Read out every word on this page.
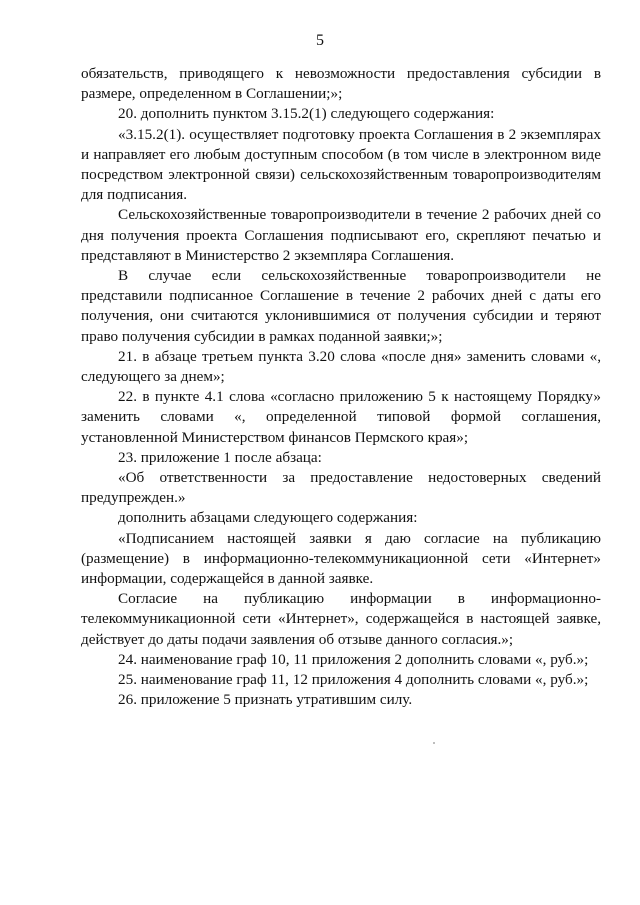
5

обязательств, приводящего к невозможности предоставления субсидии в размере, определенном в Соглашении;»;

20. дополнить пунктом 3.15.2(1) следующего содержания:

«3.15.2(1). осуществляет подготовку проекта Соглашения в 2 экземплярах и направляет его любым доступным способом (в том числе в электронном виде посредством электронной связи) сельскохозяйственным товаропроизводителям для подписания.

Сельскохозяйственные товаропроизводители в течение 2 рабочих дней со дня получения проекта Соглашения подписывают его, скрепляют печатью и представляют в Министерство 2 экземпляра Соглашения.

В случае если сельскохозяйственные товаропроизводители не представили подписанное Соглашение в течение 2 рабочих дней с даты его получения, они считаются уклонившимися от получения субсидии и теряют право получения субсидии в рамках поданной заявки;»;

21. в абзаце третьем пункта 3.20 слова «после дня» заменить словами «, следующего за днем»;

22. в пункте 4.1 слова «согласно приложению 5 к настоящему Порядку» заменить словами «, определенной типовой формой соглашения, установленной Министерством финансов Пермского края»;

23. приложение 1 после абзаца:

«Об ответственности за предоставление недостоверных сведений предупрежден.»

дополнить абзацами следующего содержания:

«Подписанием настоящей заявки я даю согласие на публикацию (размещение) в информационно-телекоммуникационной сети «Интернет» информации, содержащейся в данной заявке.

Согласие на публикацию информации в информационно-телекоммуникационной сети «Интернет», содержащейся в настоящей заявке, действует до даты подачи заявления об отзыве данного согласия.»;

24. наименование граф 10, 11 приложения 2 дополнить словами «, руб.»;

25. наименование граф 11, 12 приложения 4 дополнить словами «, руб.»;

26. приложение 5 признать утратившим силу.
